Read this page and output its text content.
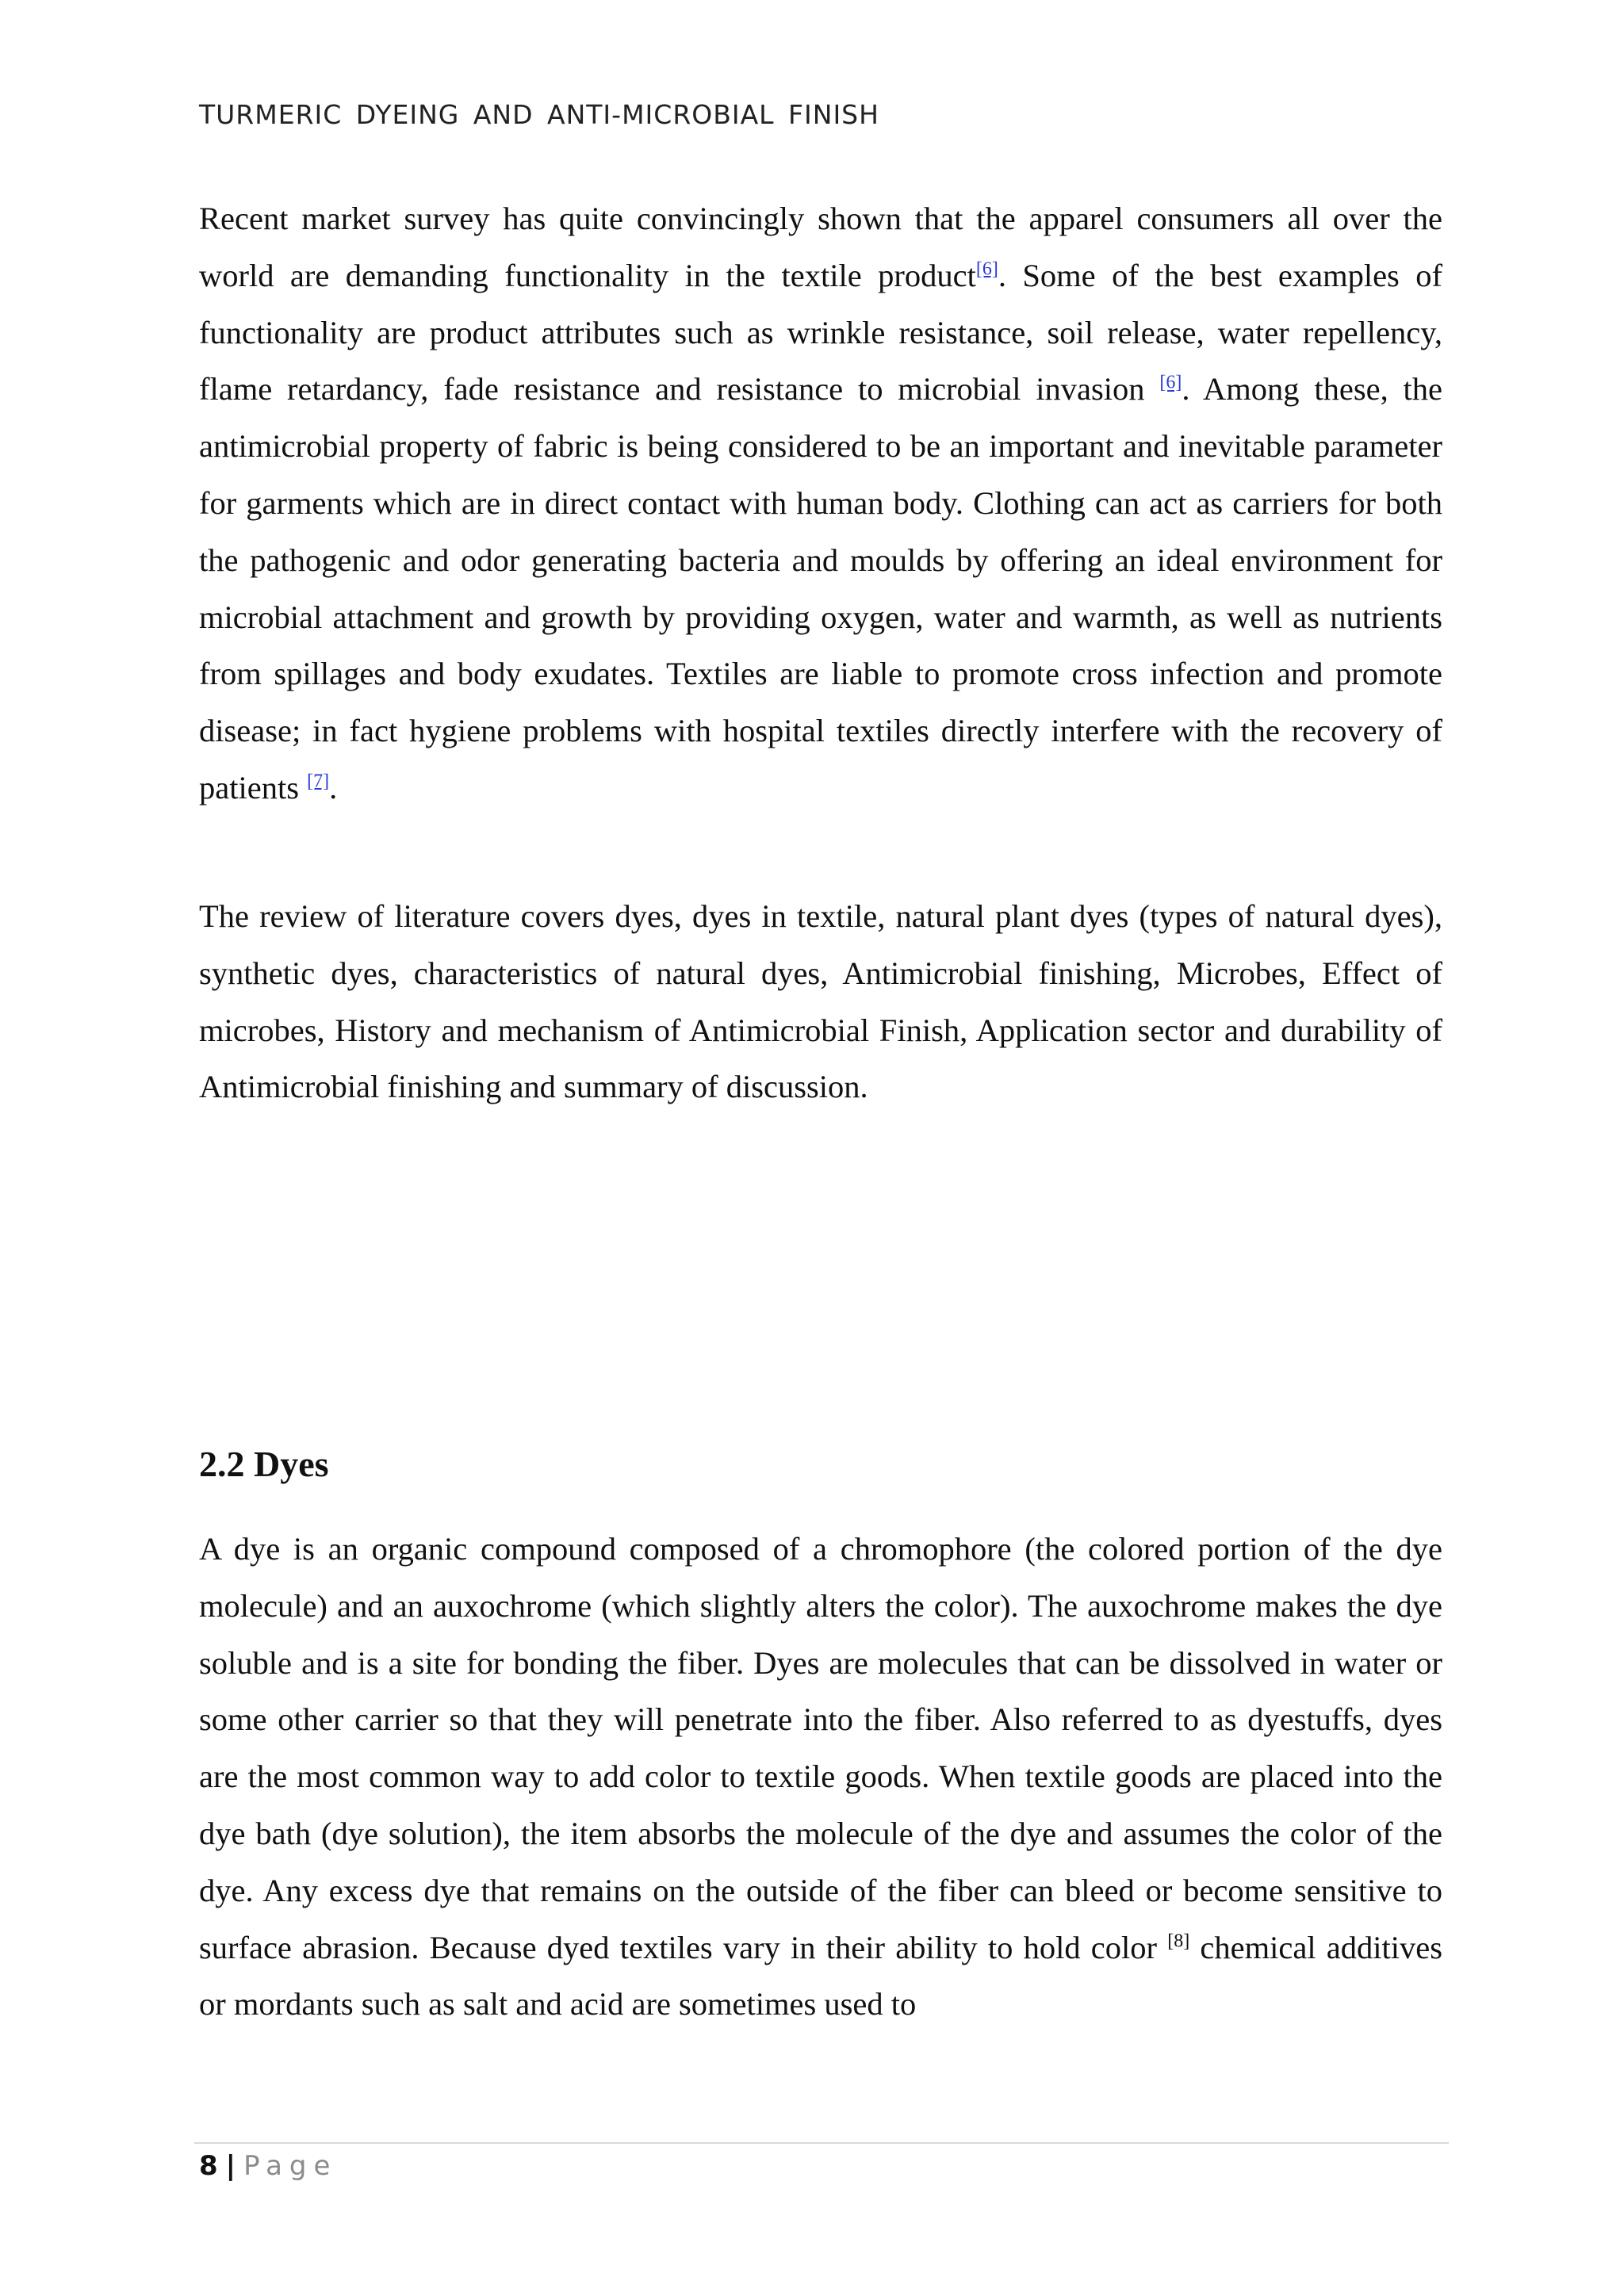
TURMERIC DYEING AND ANTI-MICROBIAL FINISH

Recent market survey has quite convincingly shown that the apparel consumers all over the world are demanding functionality in the textile product[6]. Some of the best examples of functionality are product attributes such as wrinkle resistance, soil release, water repellency, flame retardancy, fade resistance and resistance to microbial invasion [6]. Among these, the antimicrobial property of fabric is being considered to be an important and inevitable parameter for garments which are in direct contact with human body. Clothing can act as carriers for both the pathogenic and odor generating bacteria and moulds by offering an ideal environment for microbial attachment and growth by providing oxygen, water and warmth, as well as nutrients from spillages and body exudates. Textiles are liable to promote cross infection and promote disease; in fact hygiene problems with hospital textiles directly interfere with the recovery of patients [7].

The review of literature covers dyes, dyes in textile, natural plant dyes (types of natural dyes), synthetic dyes, characteristics of natural dyes, Antimicrobial finishing, Microbes, Effect of microbes, History and mechanism of Antimicrobial Finish, Application sector and durability of Antimicrobial finishing and summary of discussion.

2.2 Dyes

A dye is an organic compound composed of a chromophore (the colored portion of the dye molecule) and an auxochrome (which slightly alters the color). The auxochrome makes the dye soluble and is a site for bonding the fiber. Dyes are molecules that can be dissolved in water or some other carrier so that they will penetrate into the fiber. Also referred to as dyestuffs, dyes are the most common way to add color to textile goods. When textile goods are placed into the dye bath (dye solution), the item absorbs the molecule of the dye and assumes the color of the dye. Any excess dye that remains on the outside of the fiber can bleed or become sensitive to surface abrasion. Because dyed textiles vary in their ability to hold color [8] chemical additives or mordants such as salt and acid are sometimes used to

8 | Page
